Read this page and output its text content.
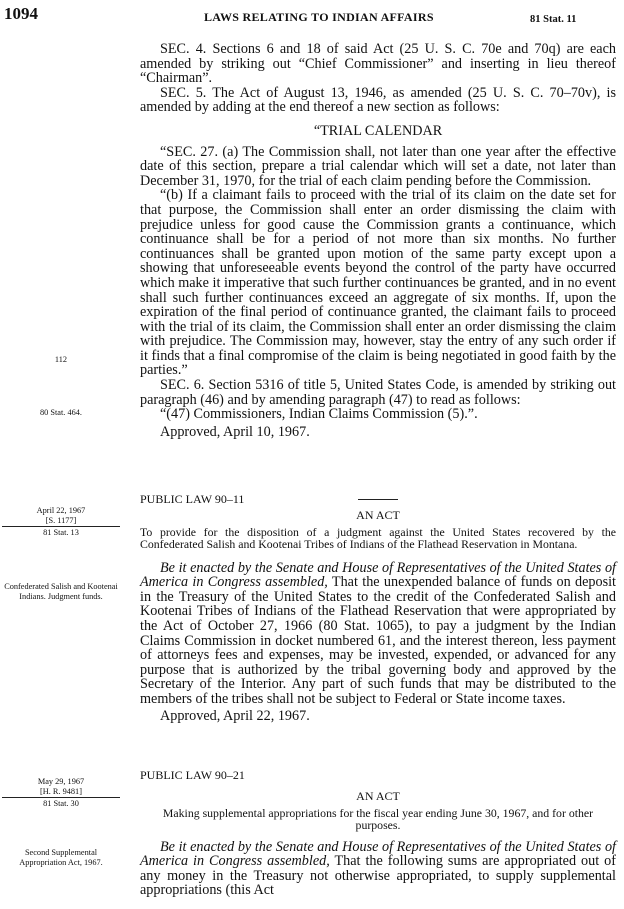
1094	LAWS RELATING TO INDIAN AFFAIRS	81 Stat. 11
112
80 Stat. 464.
April 22, 1967
[S. 1177]
81 Stat. 13
Confederated Salish and Kootenai Indians. Judgment funds.
May 29, 1967
[H. R. 9481]
81 Stat. 30
Second Supplemental Appropriation Act, 1967.

SEC. 4. Sections 6 and 18 of said Act (25 U. S. C. 70e and 70q) are each amended by striking out “Chief Commissioner” and inserting in lieu thereof “Chairman”.

SEC. 5. The Act of August 13, 1946, as amended (25 U. S. C. 70–70v), is amended by adding at the end thereof a new section as follows:

“TRIAL CALENDAR

“SEC. 27. (a) The Commission shall, not later than one year after the effective date of this section, prepare a trial calendar which will set a date, not later than December 31, 1970, for the trial of each claim pending before the Commission.

“(b) If a claimant fails to proceed with the trial of its claim on the date set for that purpose, the Commission shall enter an order dismissing the claim with prejudice unless for good cause the Commission grants a continuance, which continuance shall be for a period of not more than six months. No further continuances shall be granted upon motion of the same party except upon a showing that unforeseeable events beyond the control of the party have occurred which make it imperative that such further continuances be granted, and in no event shall such further continuances exceed an aggregate of six months. If, upon the expiration of the final period of continuance granted, the claimant fails to proceed with the trial of its claim, the Commission shall enter an order dismissing the claim with prejudice. The Commission may, however, stay the entry of any such order if it finds that a final compromise of the claim is being negotiated in good faith by the parties.”

SEC. 6. Section 5316 of title 5, United States Code, is amended by striking out paragraph (46) and by amending paragraph (47) to read as follows:

“(47) Commissioners, Indian Claims Commission (5).”.

Approved, April 10, 1967.

PUBLIC LAW 90–11
AN ACT
To provide for the disposition of a judgment against the United States recovered by the Confederated Salish and Kootenai Tribes of Indians of the Flathead Reservation in Montana.

Be it enacted by the Senate and House of Representatives of the United States of America in Congress assembled, That the unexpended balance of funds on deposit in the Treasury of the United States to the credit of the Confederated Salish and Kootenai Tribes of Indians of the Flathead Reservation that were appropriated by the Act of October 27, 1966 (80 Stat. 1065), to pay a judgment by the Indian Claims Commission in docket numbered 61, and the interest thereon, less payment of attorneys fees and expenses, may be invested, expended, or advanced for any purpose that is authorized by the tribal governing body and approved by the Secretary of the Interior. Any part of such funds that may be distributed to the members of the tribes shall not be subject to Federal or State income taxes.

Approved, April 22, 1967.

PUBLIC LAW 90–21
AN ACT
Making supplemental appropriations for the fiscal year ending June 30, 1967, and for other purposes.

Be it enacted by the Senate and House of Representatives of the United States of America in Congress assembled, That the following sums are appropriated out of any money in the Treasury not otherwise appropriated, to supply supplemental appropriations (this Act
